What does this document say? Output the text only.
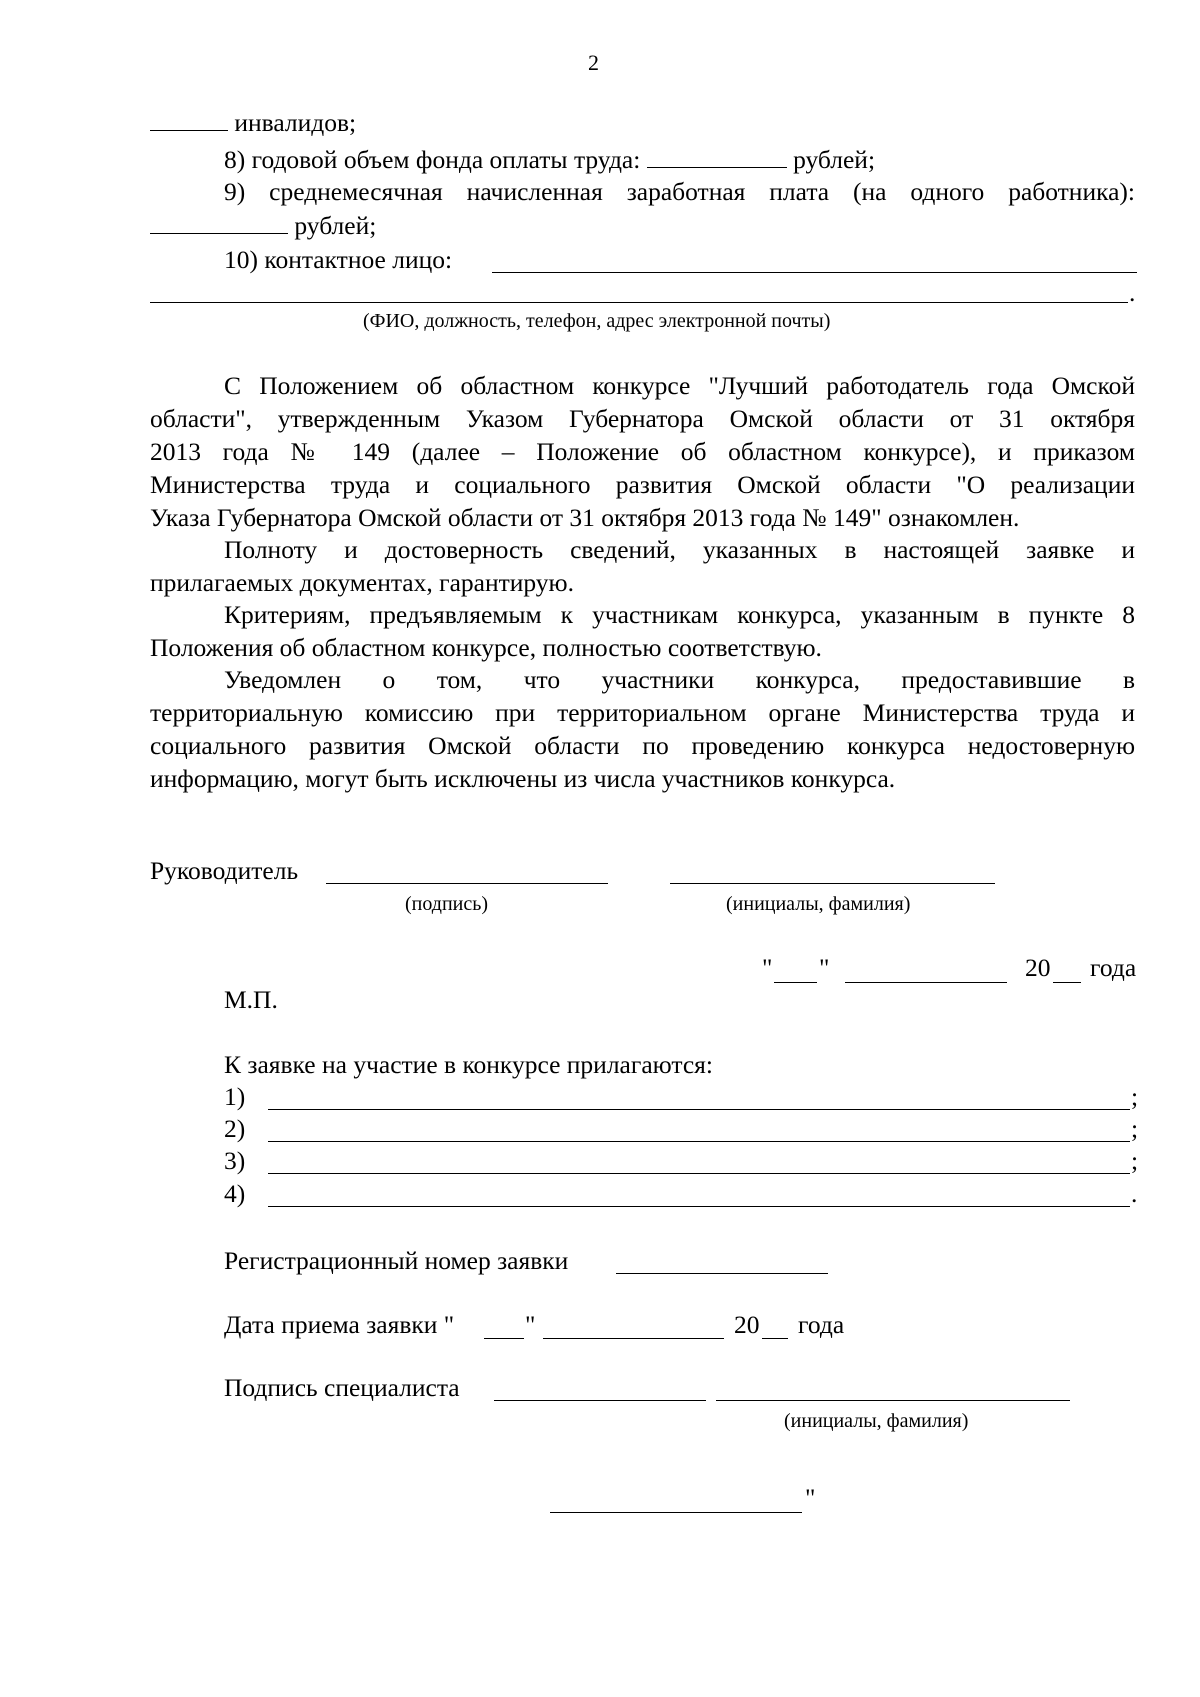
2
инвалидов;
8) годовой объем фонда оплаты труда:	рублей;
9) среднемесячная начисленная заработная плата (на одного работника):
рублей;
10) контактное лицо:
.
(ФИО, должность, телефон, адрес электронной почты)
С Положением об областном конкурсе "Лучший работодатель года Омской
области", утвержденным Указом Губернатора Омской области от 31 октября
2013 года № 149 (далее – Положение об областном конкурсе), и приказом
Министерства труда и социального развития Омской области "О реализации
Указа Губернатора Омской области от 31 октября 2013 года № 149" ознакомлен.
Полноту и достоверность сведений, указанных в настоящей заявке и
прилагаемых документах, гарантирую.
Критериям, предъявляемым к участникам конкурса, указанным в пункте 8
Положения об областном конкурсе, полностью соответствую.
Уведомлен о том, что участники конкурса, предоставившие в
территориальную комиссию при территориальном органе Министерства труда и
социального развития Омской области по проведению конкурса недостоверную
информацию, могут быть исключены из числа участников конкурса.
Руководитель
(подпись)	(инициалы, фамилия)
" "	20 года
М.П.
К заявке на участие в конкурсе прилагаются:
1)	;
2)	;
3)	;
4)	.
Регистрационный номер заявки
Дата приема заявки "	"	20 года
Подпись специалиста
(инициалы, фамилия)
"
